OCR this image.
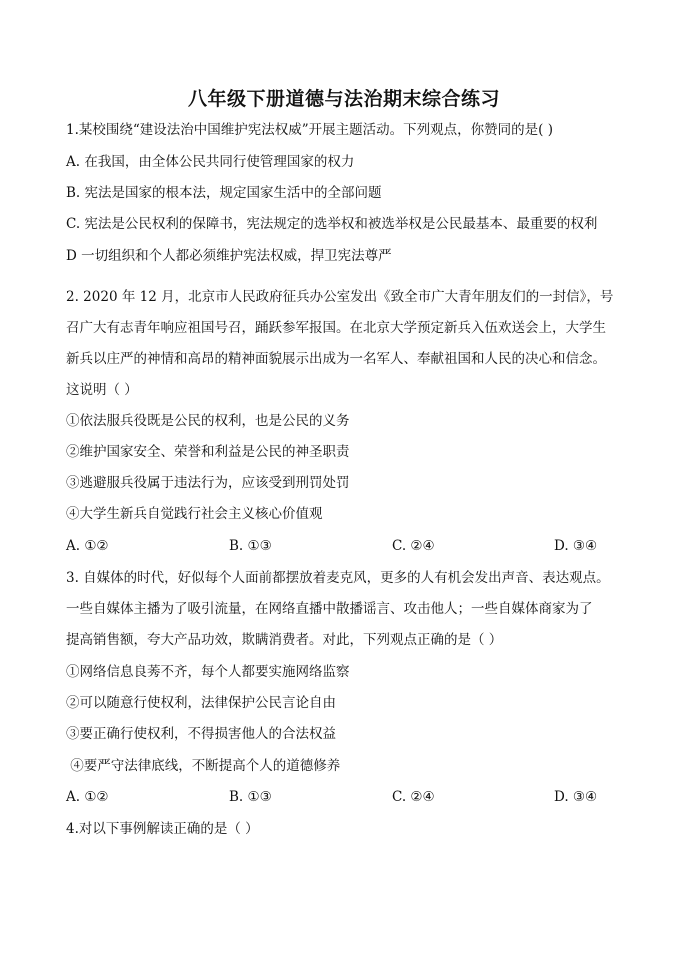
八年级下册道德与法治期末综合练习
1.某校围绕“建设法治中国维护宪法权威”开展主题活动。下列观点，你赞同的是( )
A. 在我国，由全体公民共同行使管理国家的权力
B. 宪法是国家的根本法，规定国家生活中的全部问题
C. 宪法是公民权利的保障书，宪法规定的选举权和被选举权是公民最基本、最重要的权利
D 一切组织和个人都必须维护宪法权威，捍卫宪法尊严
2. 2020 年 12 月，北京市人民政府征兵办公室发出《致全市广大青年朋友们的一封信》，号
召广大有志青年响应祖国号召，踊跃参军报国。在北京大学预定新兵入伍欢送会上，大学生
新兵以庄严的神情和高昂的精神面貌展示出成为一名军人、奉献祖国和人民的决心和信念。
这说明（ ）
①依法服兵役既是公民的权利，也是公民的义务
②维护国家安全、荣誉和利益是公民的神圣职责
③逃避服兵役属于违法行为，应该受到刑罚处罚
④大学生新兵自觉践行社会主义核心价值观
A. ①②	B. ①③	C. ②④	D. ③④
3. 自媒体的时代，好似每个人面前都摆放着麦克风，更多的人有机会发出声音、表达观点。
一些自媒体主播为了吸引流量，在网络直播中散播谣言、攻击他人；一些自媒体商家为了
提高销售额，夸大产品功效，欺瞒消费者。对此，下列观点正确的是（ ）
①网络信息良莠不齐，每个人都要实施网络监察
②可以随意行使权利，法律保护公民言论自由
③要正确行使权利，不得损害他人的合法权益
④要严守法律底线，不断提高个人的道德修养
A. ①②	B. ①③	C. ②④	D. ③④
4.对以下事例解读正确的是（ ）
